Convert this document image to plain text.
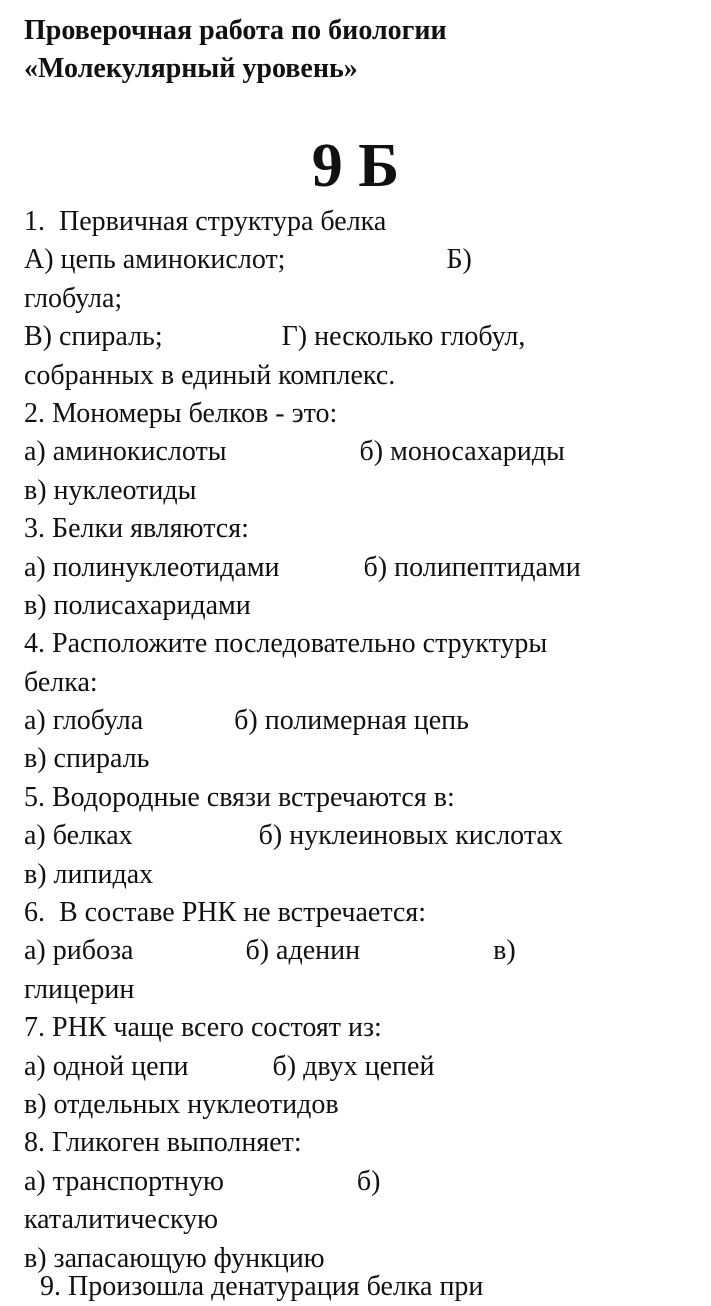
Проверочная работа по биологии
«Молекулярный уровень»
9 Б
1.  Первичная структура белка
А) цепь аминокислот;                       Б)
глобула;
В) спираль;                 Г) несколько глобул,
собранных в единый комплекс.
2. Мономеры белков - это:
а) аминокислоты                   б) моносахариды
в) нуклеотиды
3. Белки являются:
а) полинуклеотидами            б) полипептидами
в) полисахаридами
4. Расположите последовательно структуры
белка:
а) глобула             б) полимерная цепь
в) спираль
5. Водородные связи встречаются в:
а) белках                  б) нуклеиновых кислотах
в) липидах
6.  В составе РНК не встречается:
а) рибоза                б) аденин                   в)
глицерин
7. РНК чаще всего состоят из:
а) одной цепи            б) двух цепей
в) отдельных нуклеотидов
8. Гликоген выполняет:
а) транспортную                   б)
каталитическую
в) запасающую функцию
9. Произошла денатурация белка при
